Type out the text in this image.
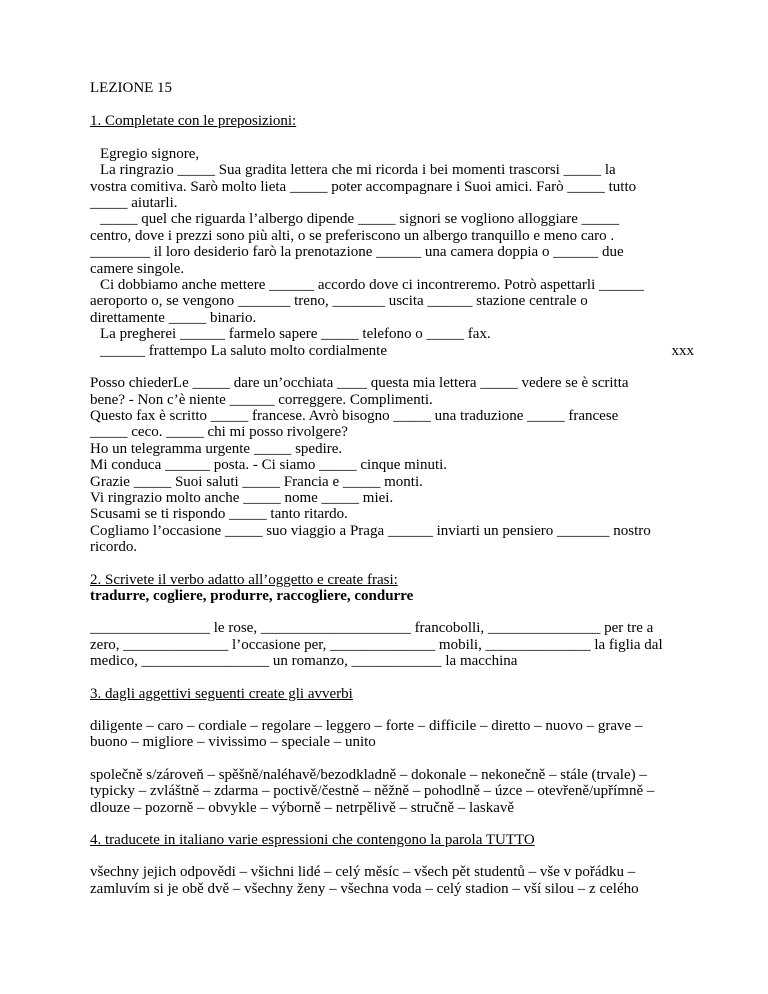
LEZIONE 15

1. Completate con le preposizioni:

Egregio signore,

La ringrazio _____ Sua gradita lettera che mi ricorda i bei momenti trascorsi _____ la

vostra comitiva. Sarò molto lieta _____ poter accompagnare i Suoi amici. Farò _____ tutto

_____ aiutarli.

_____ quel che riguarda l’albergo dipende _____ signori se vogliono alloggiare _____

centro, dove i prezzi sono più alti, o se preferiscono un albergo tranquillo e meno caro .

________ il loro desiderio farò la prenotazione ______ una camera doppia o ______ due

camere singole.

Ci dobbiamo anche mettere ______ accordo dove ci incontreremo. Potrò aspettarli ______

aeroporto o, se vengono _______ treno, _______ uscita ______ stazione centrale o

direttamente _____ binario.

La pregherei ______ farmelo sapere _____ telefono o _____ fax.

______ frattempo La saluto molto cordialmente	xxx

Posso chiederLe _____ dare un’occhiata ____ questa mia lettera _____ vedere se è scritta

bene? - Non c’è niente ______ correggere. Complimenti.

Questo fax è scritto _____ francese. Avrò bisogno _____ una traduzione _____ francese

_____ ceco. _____ chi mi posso rivolgere?

Ho un telegramma urgente _____ spedire.

Mi conduca ______ posta. - Ci siamo _____ cinque minuti.

Grazie _____ Suoi saluti _____ Francia e _____ monti.

Vi ringrazio molto anche _____ nome _____ miei.

Scusami se ti rispondo _____ tanto ritardo.

Cogliamo l’occasione _____ suo viaggio a Praga ______ inviarti un pensiero _______ nostro

ricordo.

2. Scrivete il verbo adatto all’oggetto e create frasi:

tradurre, cogliere, produrre, raccogliere, condurre

________________ le rose, ____________________ francobolli, _______________ per tre a

zero, ______________ l’occasione per, ______________ mobili, ______________ la figlia dal

medico, _________________ un romanzo, ____________ la macchina

3. dagli aggettivi seguenti create gli avverbi

diligente – caro – cordiale – regolare – leggero – forte – difficile – diretto – nuovo – grave –

buono – migliore – vivissimo – speciale – unito

společně s/zároveň – spěšně/naléhavě/bezodkladně – dokonale – nekonečně – stále (trvale) –

typicky – zvláštně – zdarma – poctivě/čestně – něžně – pohodlně – úzce – otevřeně/upřímně –

dlouze – pozorně – obvykle – výborně – netrpělivě – stručně – laskavě

4. traducete in italiano varie espressioni che contengono la parola TUTTO

všechny jejich odpovědi – všichni lidé – celý měsíc – všech pět studentů – vše v pořádku –

zamluvím si je obě dvě – všechny ženy – všechna voda – celý stadion – vší silou – z celého
